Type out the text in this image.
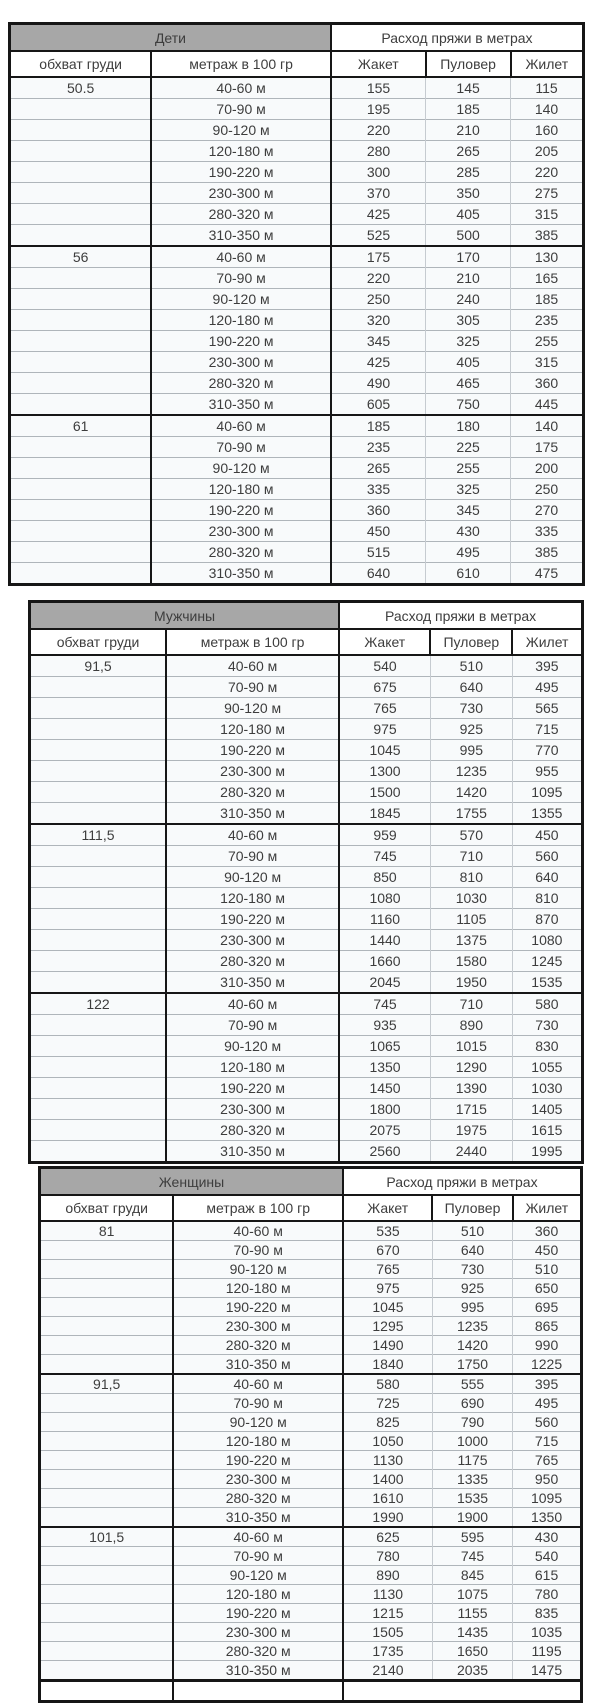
Дети		Расход пряжи в метрах		
обхват груди	метраж в 100 гр	Жакет	Пуловер	Жилет
50.5	40-60 м	155	145	115
	70-90 м	195	185	140
	90-120 м	220	210	160
	120-180 м	280	265	205
	190-220 м	300	285	220
	230-300 м	370	350	275
	280-320 м	425	405	315
	310-350 м	525	500	385
56	40-60 м	175	170	130
	70-90 м	220	210	165
	90-120 м	250	240	185
	120-180 м	320	305	235
	190-220 м	345	325	255
	230-300 м	425	405	315
	280-320 м	490	465	360
	310-350 м	605	750	445
61	40-60 м	185	180	140
	70-90 м	235	225	175
	90-120 м	265	255	200
	120-180 м	335	325	250
	190-220 м	360	345	270
	230-300 м	450	430	335
	280-320 м	515	495	385
	310-350 м	640	610	475
Мужчины		Расход пряжи в метрах		
обхват груди	метраж в 100 гр	Жакет	Пуловер	Жилет
91,5	40-60 м	540	510	395
	70-90 м	675	640	495
	90-120 м	765	730	565
	120-180 м	975	925	715
	190-220 м	1045	995	770
	230-300 м	1300	1235	955
	280-320 м	1500	1420	1095
	310-350 м	1845	1755	1355
111,5	40-60 м	959	570	450
	70-90 м	745	710	560
	90-120 м	850	810	640
	120-180 м	1080	1030	810
	190-220 м	1160	1105	870
	230-300 м	1440	1375	1080
	280-320 м	1660	1580	1245
	310-350 м	2045	1950	1535
122	40-60 м	745	710	580
	70-90 м	935	890	730
	90-120 м	1065	1015	830
	120-180 м	1350	1290	1055
	190-220 м	1450	1390	1030
	230-300 м	1800	1715	1405
	280-320 м	2075	1975	1615
	310-350 м	2560	2440	1995
Женщины		Расход пряжи в метрах		
обхват груди	метраж в 100 гр	Жакет	Пуловер	Жилет
81	40-60 м	535	510	360
	70-90 м	670	640	450
	90-120 м	765	730	510
	120-180 м	975	925	650
	190-220 м	1045	995	695
	230-300 м	1295	1235	865
	280-320 м	1490	1420	990
	310-350 м	1840	1750	1225
91,5	40-60 м	580	555	395
	70-90 м	725	690	495
	90-120 м	825	790	560
	120-180 м	1050	1000	715
	190-220 м	1130	1175	765
	230-300 м	1400	1335	950
	280-320 м	1610	1535	1095
	310-350 м	1990	1900	1350
101,5	40-60 м	625	595	430
	70-90 м	780	745	540
	90-120 м	890	845	615
	120-180 м	1130	1075	780
	190-220 м	1215	1155	835
	230-300 м	1505	1435	1035
	280-320 м	1735	1650	1195
	310-350 м	2140	2035	1475
